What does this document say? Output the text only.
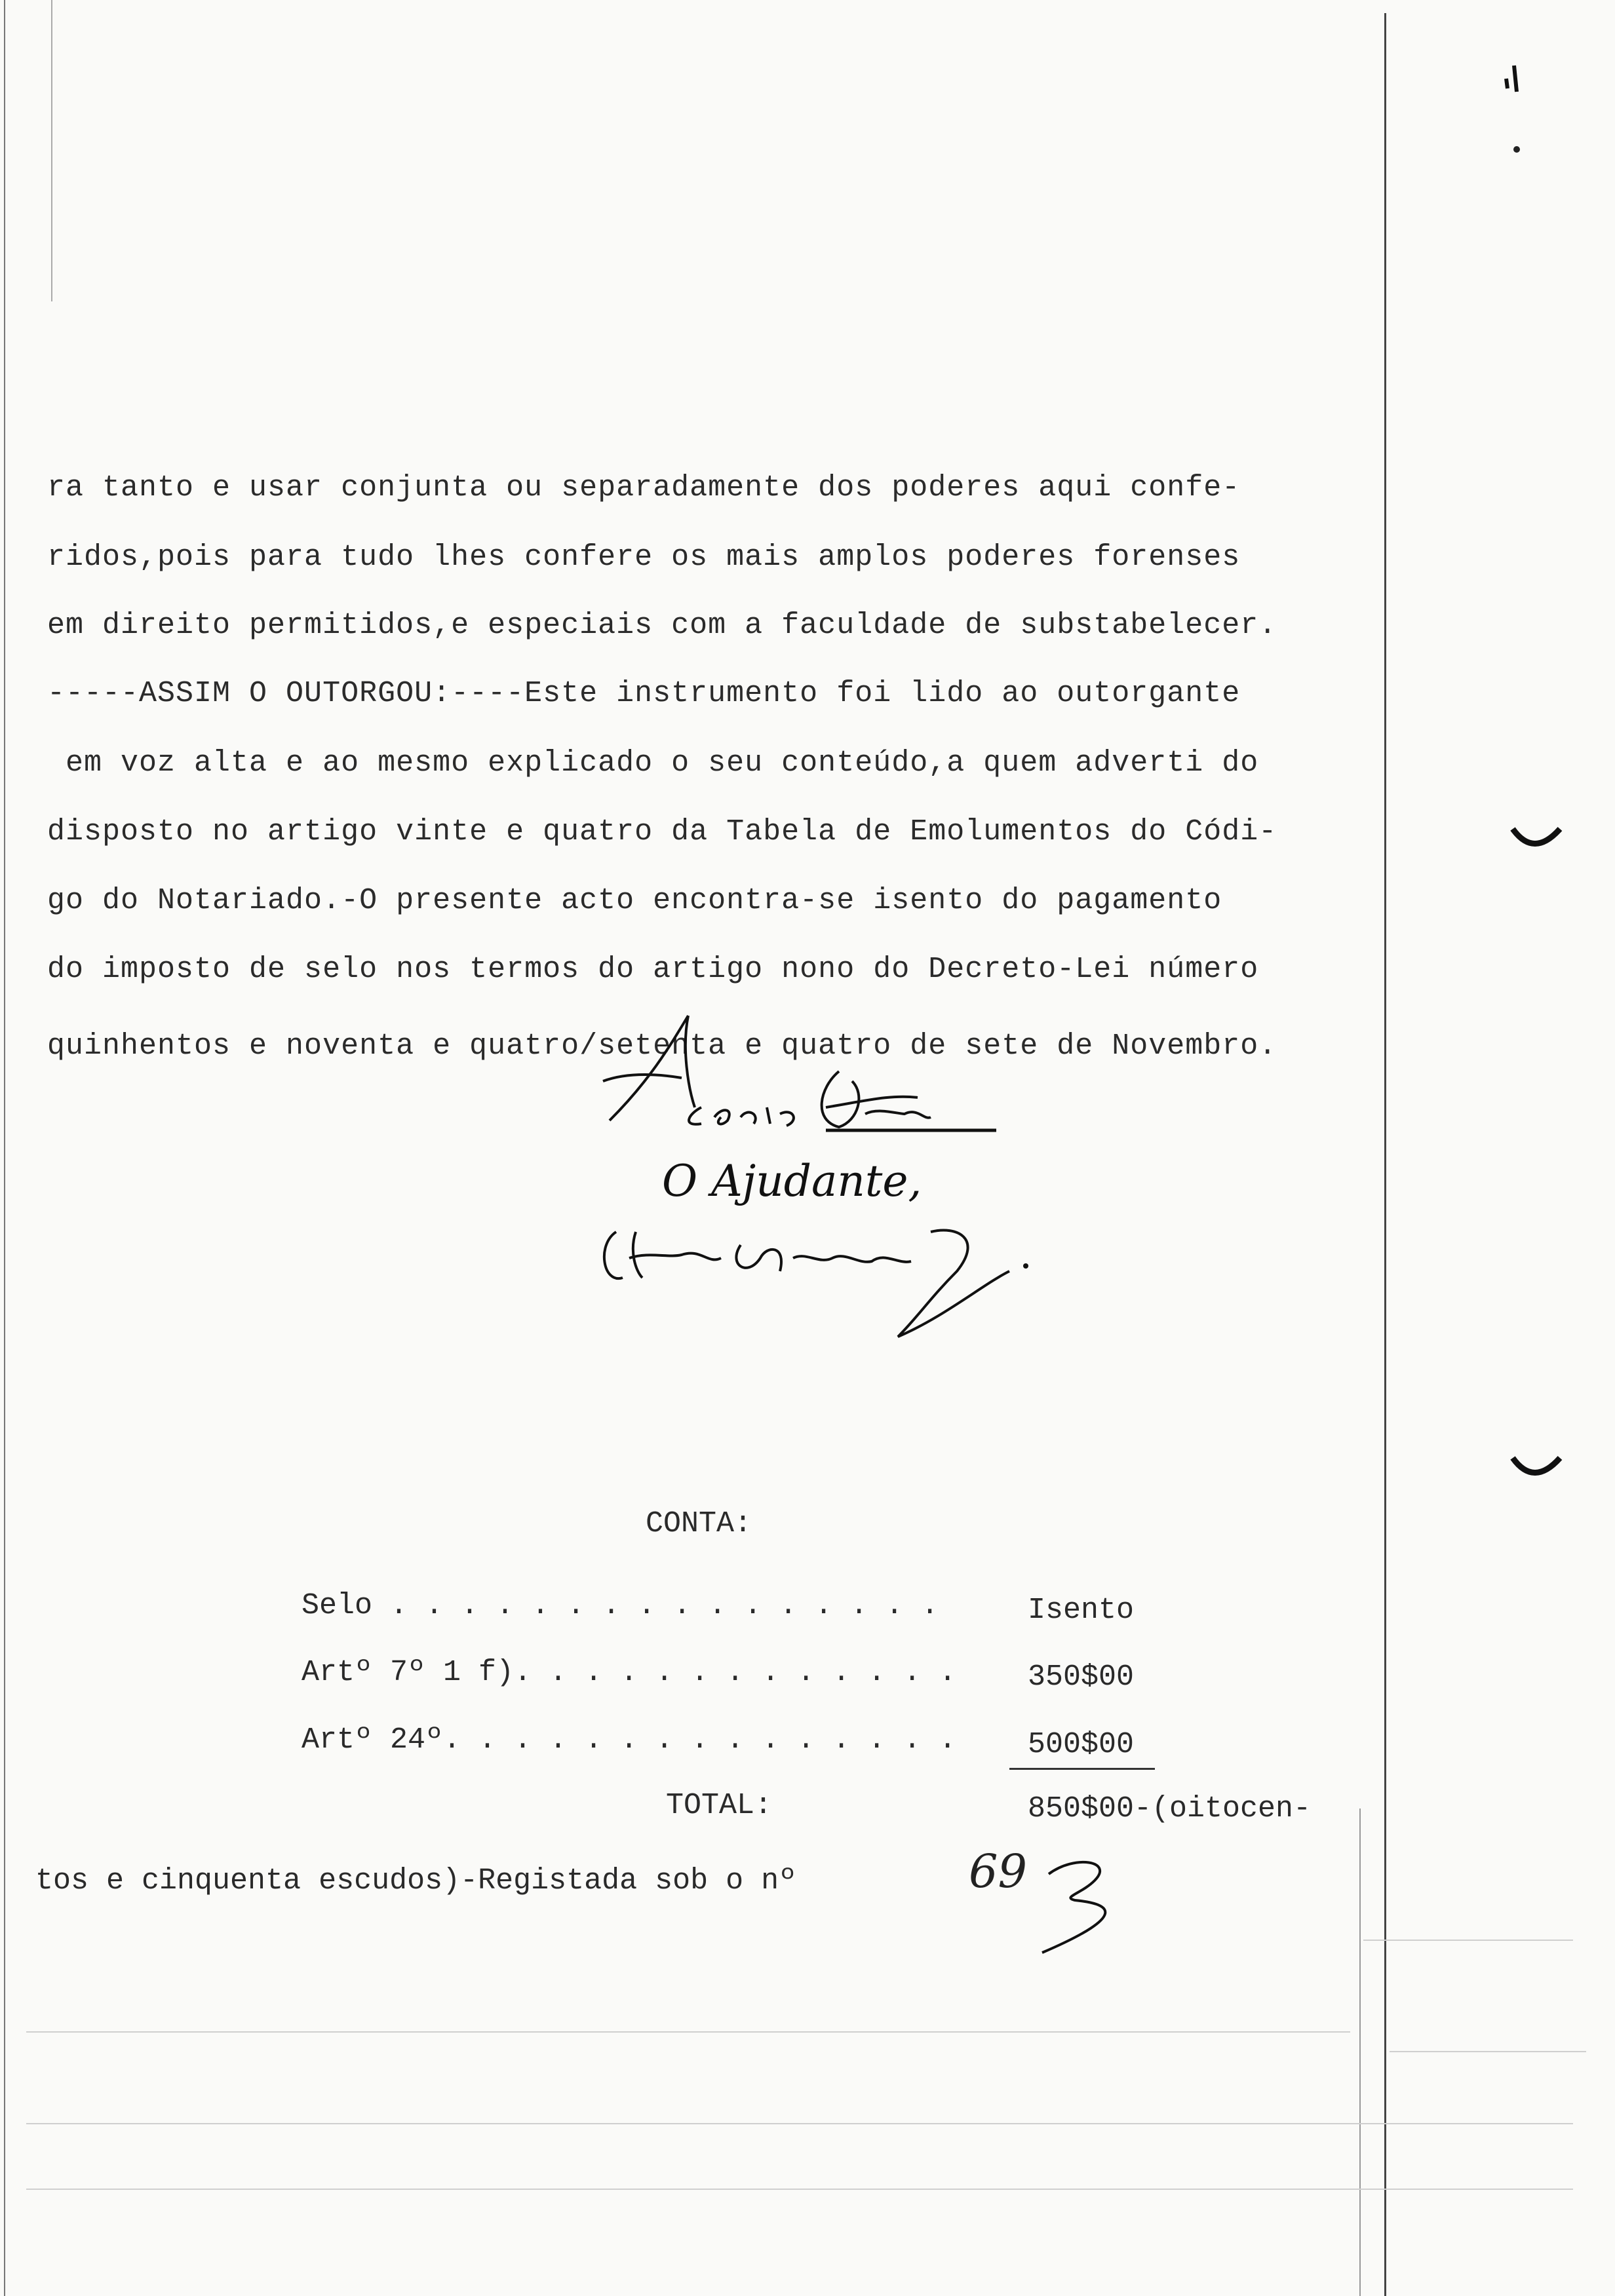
ra tanto e usar conjunta ou separadamente dos poderes aqui confe-
ridos,pois para tudo lhes confere os mais amplos poderes forenses
em direito permitidos,e especiais com a faculdade de substabelecer.
-----ASSIM O OUTORGOU:----Este instrumento foi lido ao outorgante
em voz alta e ao mesmo explicado o seu conteúdo,a quem adverti do
disposto no artigo vinte e quatro da Tabela de Emolumentos do Códi-
go do Notariado.-O presente acto encontra-se isento do pagamento
do imposto de selo nos termos do artigo nono do Decreto-Lei número
quinhentos e noventa e quatro/setenta e quatro de sete de Novembro.
O Ajudante,
CONTA:
Selo . . . . . . . . . . . . . . . .	Isento
Artº 7º 1 f). . . . . . . . . . . . . 350$00
Artº 24º. . . . . . . . . . . . . . . 500$00
TOTAL:	850$00-(oitocen-
tos e cinquenta escudos)-Registada sob o nº	69
